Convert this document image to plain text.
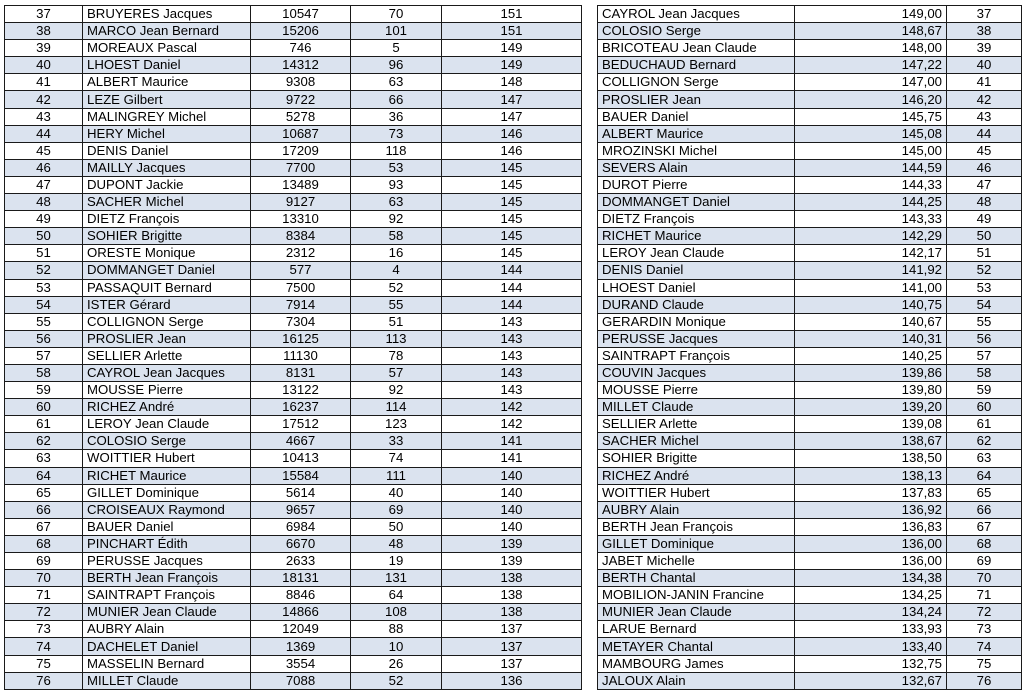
37	BRUYERES Jacques	10547	70	151
38	MARCO Jean Bernard	15206	101	151
39	MOREAUX Pascal	746	5	149
40	LHOEST Daniel	14312	96	149
41	ALBERT Maurice	9308	63	148
42	LEZE Gilbert	9722	66	147
43	MALINGREY Michel	5278	36	147
44	HERY Michel	10687	73	146
45	DENIS Daniel	17209	118	146
46	MAILLY Jacques	7700	53	145
47	DUPONT Jackie	13489	93	145
48	SACHER Michel	9127	63	145
49	DIETZ François	13310	92	145
50	SOHIER Brigitte	8384	58	145
51	ORESTE Monique	2312	16	145
52	DOMMANGET Daniel	577	4	144
53	PASSAQUIT Bernard	7500	52	144
54	ISTER Gérard	7914	55	144
55	COLLIGNON Serge	7304	51	143
56	PROSLIER Jean	16125	113	143
57	SELLIER Arlette	11130	78	143
58	CAYROL Jean Jacques	8131	57	143
59	MOUSSE Pierre	13122	92	143
60	RICHEZ André	16237	114	142
61	LEROY Jean Claude	17512	123	142
62	COLOSIO Serge	4667	33	141
63	WOITTIER Hubert	10413	74	141
64	RICHET Maurice	15584	111	140
65	GILLET Dominique	5614	40	140
66	CROISEAUX Raymond	9657	69	140
67	BAUER Daniel	6984	50	140
68	PINCHART Édith	6670	48	139
69	PERUSSE Jacques	2633	19	139
70	BERTH Jean François	18131	131	138
71	SAINTRAPT François	8846	64	138
72	MUNIER Jean Claude	14866	108	138
73	AUBRY Alain	12049	88	137
74	DACHELET Daniel	1369	10	137
75	MASSELIN Bernard	3554	26	137
76	MILLET Claude	7088	52	136
CAYROL Jean Jacques	149,00	37
COLOSIO Serge	148,67	38
BRICOTEAU Jean Claude	148,00	39
BEDUCHAUD Bernard	147,22	40
COLLIGNON Serge	147,00	41
PROSLIER Jean	146,20	42
BAUER Daniel	145,75	43
ALBERT Maurice	145,08	44
MROZINSKI Michel	145,00	45
SEVERS Alain	144,59	46
DUROT Pierre	144,33	47
DOMMANGET Daniel	144,25	48
DIETZ François	143,33	49
RICHET Maurice	142,29	50
LEROY Jean Claude	142,17	51
DENIS Daniel	141,92	52
LHOEST Daniel	141,00	53
DURAND Claude	140,75	54
GERARDIN Monique	140,67	55
PERUSSE Jacques	140,31	56
SAINTRAPT François	140,25	57
COUVIN Jacques	139,86	58
MOUSSE Pierre	139,80	59
MILLET Claude	139,20	60
SELLIER Arlette	139,08	61
SACHER Michel	138,67	62
SOHIER Brigitte	138,50	63
RICHEZ André	138,13	64
WOITTIER Hubert	137,83	65
AUBRY Alain	136,92	66
BERTH Jean François	136,83	67
GILLET Dominique	136,00	68
JABET Michelle	136,00	69
BERTH Chantal	134,38	70
MOBILION-JANIN Francine	134,25	71
MUNIER Jean Claude	134,24	72
LARUE Bernard	133,93	73
METAYER Chantal	133,40	74
MAMBOURG James	132,75	75
JALOUX Alain	132,67	76
